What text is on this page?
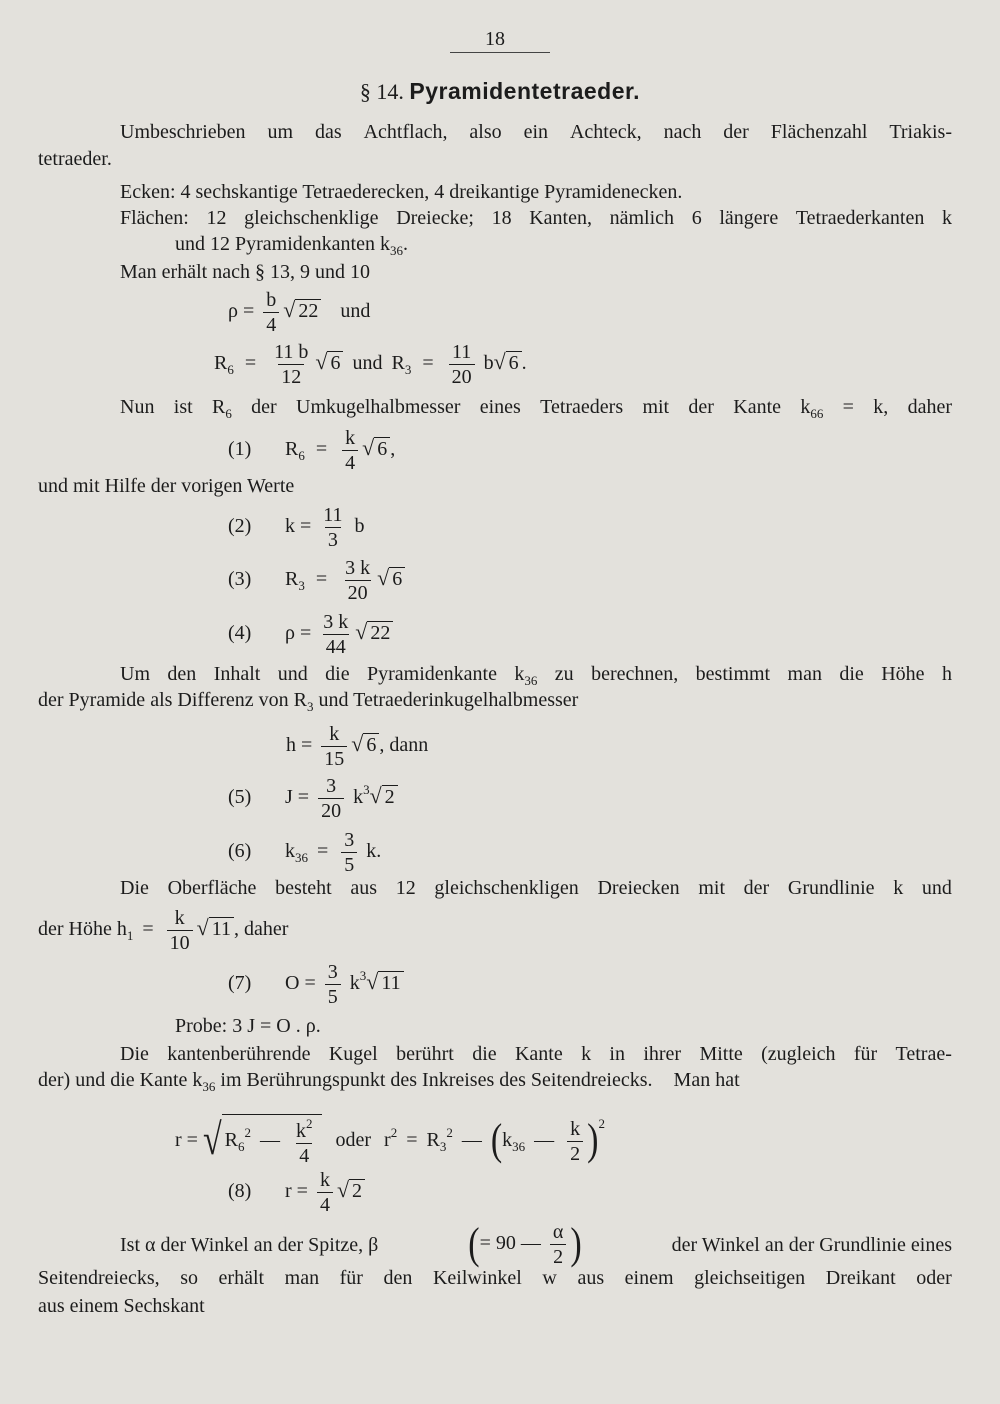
18
§ 14. Pyramidentetraeder.
Umbeschrieben um das Achtflach, also ein Achteck, nach der Flächenzahl Triakis-
tetraeder.
Ecken: 4 sechskantige Tetraederecken, 4 dreikantige Pyramidenecken.
Flächen: 12 gleichschenklige Dreiecke; 18 Kanten, nämlich 6 längere Tetraederkanten k
und 12 Pyramidenkanten $k_{36}$.
Man erhält nach § 13, 9 und 10
$\rho = \frac{b}{4}$ √ 22 und
$R_6 = \frac{11 b}{12}$ √ 6 und $R_3 = \frac{11}{20} b√$ 6 .
Nun ist $R_6$ der Umkugelhalbmesser eines Tetraeders mit der Kante $k_{66} = k$, daher
(1) $R_6 = \frac{k}{4}$ √ 6 ,
und mit Hilfe der vorigen Werte
(2) $k = \frac{11}{3}$ b
(3) $R_3 = \frac{3 k}{20}$ √ 6
(4) $\rho = \frac{3 k}{44}$ √ 22
Um den Inhalt und die Pyramidenkante $k_{36}$ zu berechnen, bestimmt man die Höhe h
der Pyramide als Differenz von $R_3$ und Tetraederinkugelhalbmesser
$h = \frac{k}{15}$ √ 6 , dann
(5) $J = \frac{3}{20} k^3√$ 2
(6) $k_{36} = \frac{3}{5} k$.
Die Oberfläche besteht aus 12 gleichschenkligen Dreiecken mit der Grundlinie k und
der Höhe $h_1 = \frac{k}{10}$ √ 11 , daher
(7) $O = \frac{3}{5} k^3√$ 11
Probe: 3 J = O . ρ.
Die kantenberührende Kugel berührt die Kante k in ihrer Mitte (zugleich für Tetrae-
der) und die Kante $k_{36}$ im Berührungspunkt des Inkreises des Seitendreiecks. Man hat
r = √ $R_6^2$ — $\frac{k^2}{4}$ oder $r^2 = R_3^2$ — ($k_{36}$ — $\frac{k}{2} )^2$
(8) $r = \frac{k}{4}$ √ 2
Ist α der Winkel an der Spitze, β	(= 90 — $\frac{\alpha}{2}$ )	der Winkel an der Grundlinie eines
Seitendreiecks, so erhält man für den Keilwinkel w aus einem gleichseitigen Dreikant oder
aus einem Sechskant
